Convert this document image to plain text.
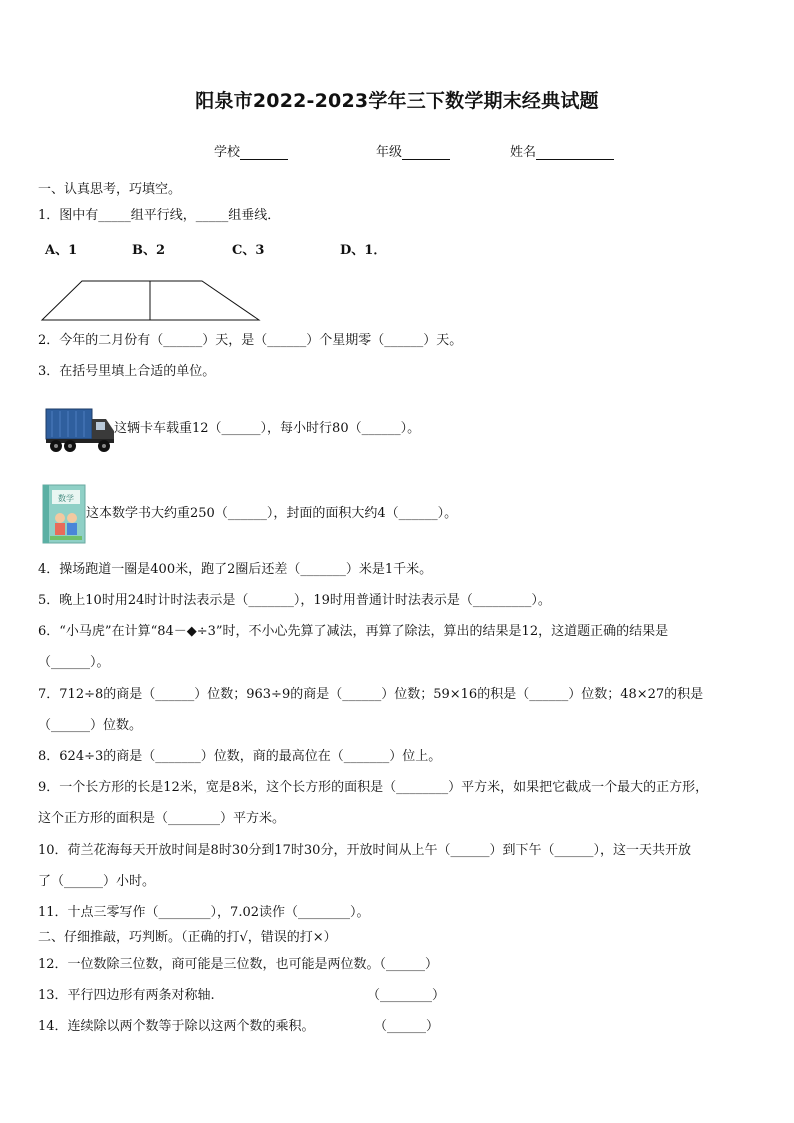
阳泉市2022-2023学年三下数学期末经典试题
学校	年级	姓名
一、认真思考，巧填空。
1．图中有_____组平行线，_____组垂线．
A、1	B、2	C、3	D、1．
2．今年的二月份有（______）天，是（______）个星期零（______）天。
3．在括号里填上合适的单位。
这辆卡车载重12（______），每小时行80（______）。
数学
这本数学书大约重250（______），封面的面积大约4（______）。
4．操场跑道一圈是400米，跑了2圈后还差（_______）米是1千米。
5．晚上10时用24时计时法表示是（_______），19时用普通计时法表示是（_________）。
6．“小马虎”在计算“84－◆÷3”时，不小心先算了减法，再算了除法，算出的结果是12，这道题正确的结果是
（______）。
7．712÷8的商是（______）位数；963÷9的商是（______）位数；59×16的积是（______）位数；48×27的积是
（______）位数。
8．624÷3的商是（_______）位数，商的最高位在（_______）位上。
9．一个长方形的长是12米，宽是8米，这个长方形的面积是（________）平方米，如果把它截成一个最大的正方形，
这个正方形的面积是（________）平方米。
10．荷兰花海每天开放时间是8时30分到17时30分，开放时间从上午（______）到下午（______），这一天共开放
了（______）小时。
11．十点三零写作（________），7.02读作（________）。
二、仔细推敲，巧判断。（正确的打√，错误的打×）
12．一位数除三位数，商可能是三位数，也可能是两位数。（______）
13．平行四边形有两条对称轴.	（________）
14．连续除以两个数等于除以这两个数的乘积。	（______）
